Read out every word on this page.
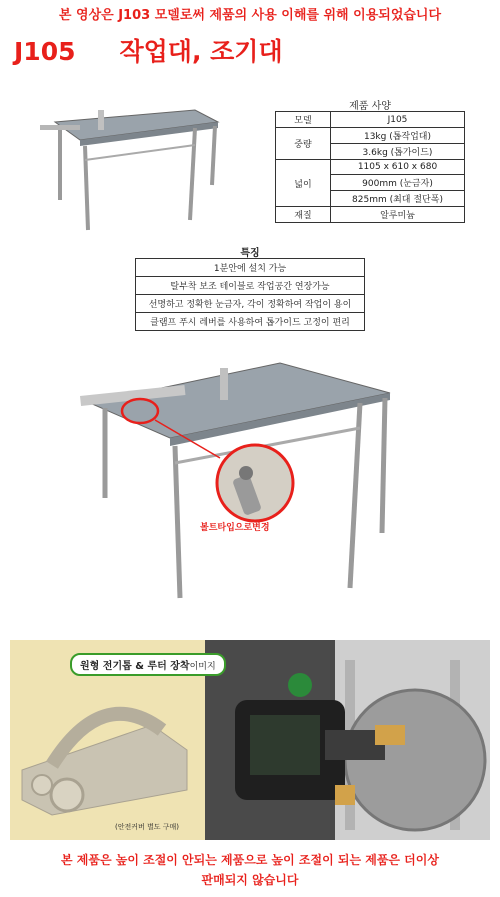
본 영상은 J103 모델로써 제품의 사용 이해를 위해 이용되었습니다
J105 작업대, 조기대
제품 사양
모델	J105
중량	13kg (톱작업대)
	3.6kg (톱가이드)
넓이	1105 x 610 x 680
	900mm (눈금자)
	825mm (최대 절단폭)
재질	알루미늄
특징
1분안에 설치 가능
탈부착 보조 테이블로 작업공간 연장가능
선명하고 정확한 눈금자, 각이 정확하여 작업이 용이
클램프 푸시 레버를 사용하여 톱가이드 고정이 편리
볼트타입으로변경
(안전커버 별도 구매)
원형 전기톱 & 루터 장착이미지
본 제품은 높이 조절이 안되는 제품으로 높이 조절이 되는 제품은 더이상
판매되지 않습니다
